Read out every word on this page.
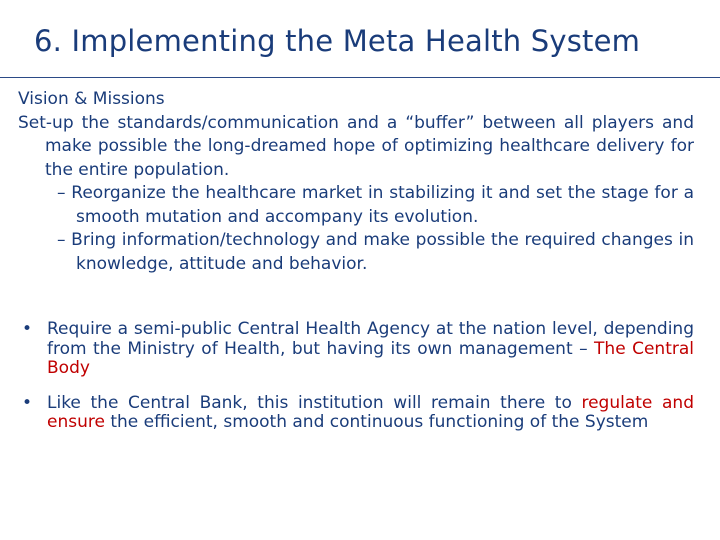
6. Implementing the Meta Health System

Vision & Missions

Set-up the standards/communication and a “buffer” between all players and make possible the long-dreamed hope of optimizing healthcare delivery for the entire population.

– Reorganize the healthcare market in stabilizing it and set the stage for a smooth mutation and accompany its evolution.
– Bring information/technology and make possible the required changes in knowledge, attitude and behavior.
• Require a semi-public Central Health Agency at the nation level, depending from the Ministry of Health, but having its own management – The Central Body
• Like the Central Bank, this institution will remain there to regulate and ensure the efficient, smooth and continuous functioning of the System
